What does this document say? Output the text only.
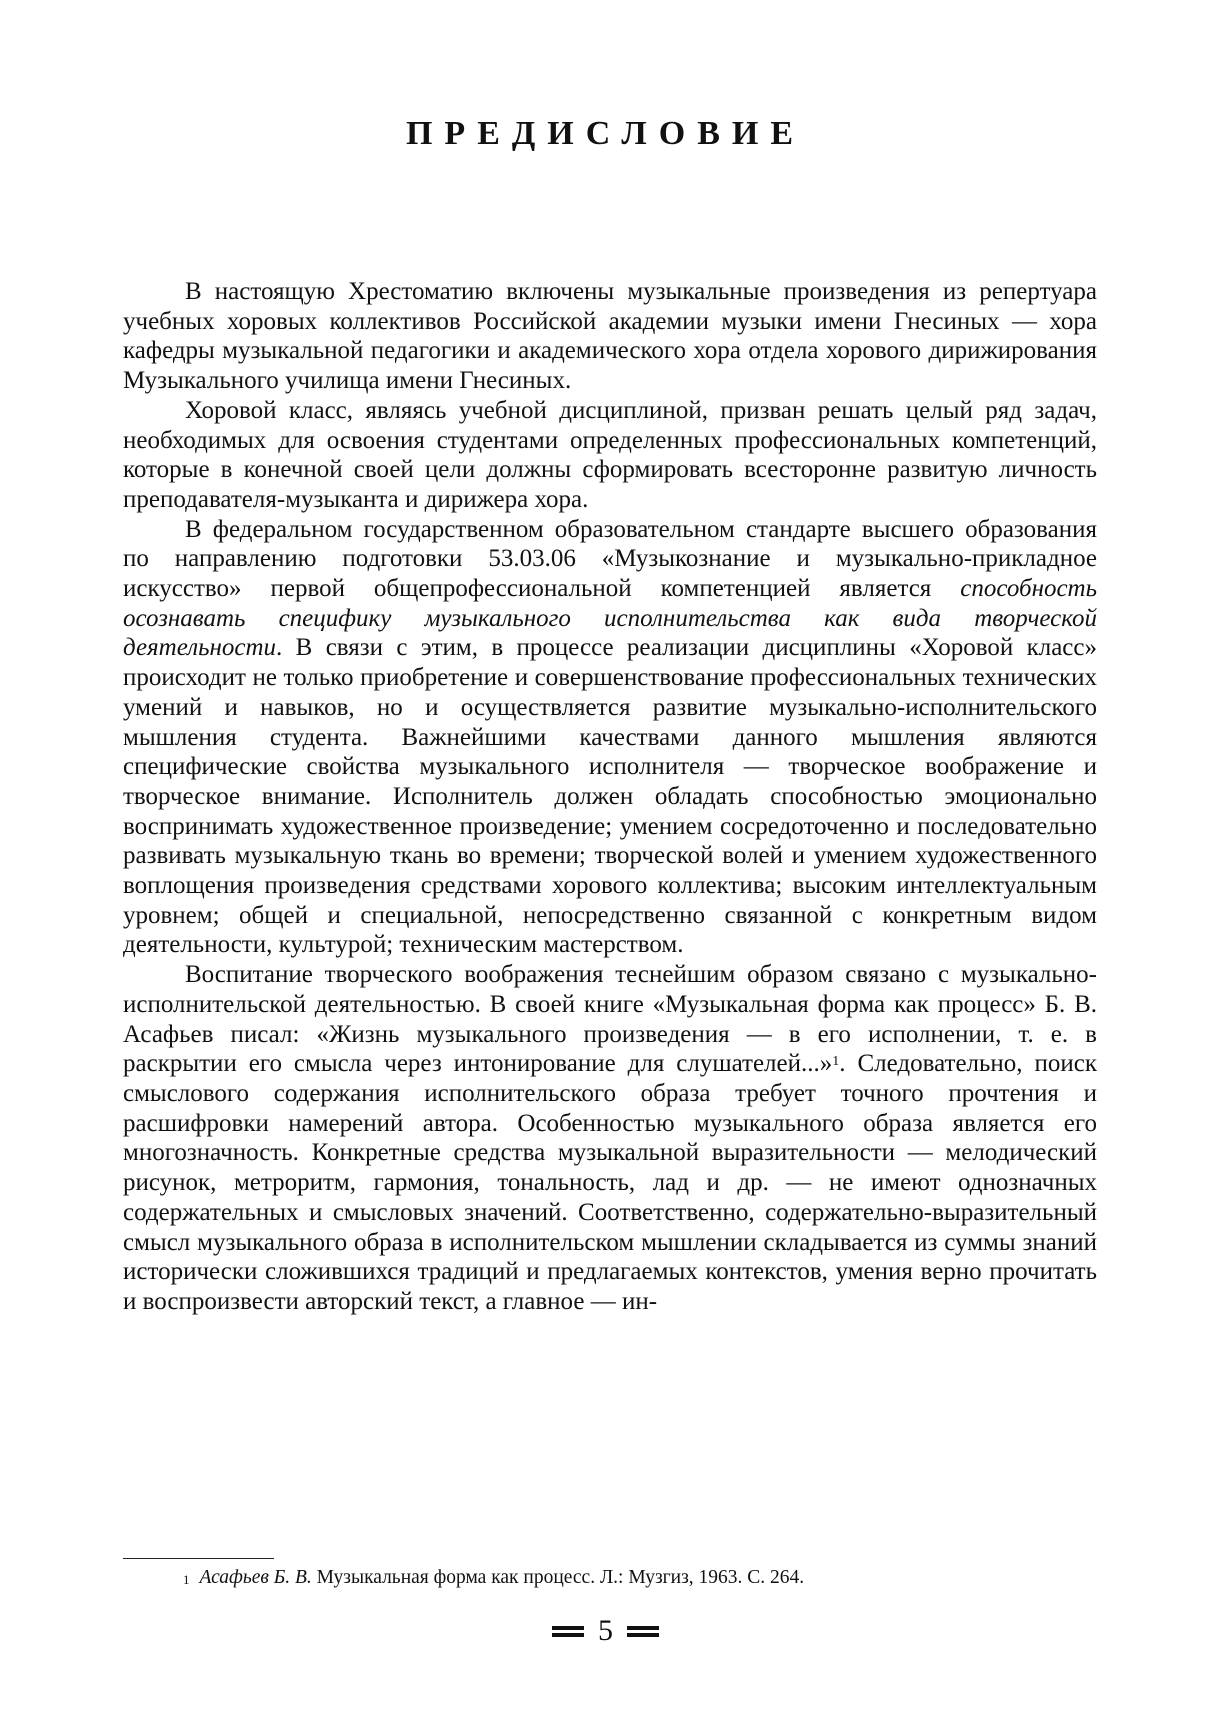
ПРЕДИСЛОВИЕ

В настоящую Хрестоматию включены музыкальные произведения из репертуара учебных хоровых коллективов Российской академии музыки имени Гнесиных — хора кафедры музыкальной педагогики и академического хора отдела хорового дирижирования Музыкального училища имени Гнесиных.

Хоровой класс, являясь учебной дисциплиной, призван решать целый ряд задач, необходимых для освоения студентами определенных профессиональных компетенций, которые в конечной своей цели должны сформировать всесторонне развитую личность преподавателя-музыканта и дирижера хора.

В федеральном государственном образовательном стандарте высшего образования по направлению подготовки 53.03.06 «Музыкознание и музыкально-прикладное искусство» первой общепрофессиональной компетенцией является способность осознавать специфику музыкального исполнительства как вида творческой деятельности. В связи с этим, в процессе реализации дисциплины «Хоровой класс» происходит не только приобретение и совершенствование профессиональных технических умений и навыков, но и осуществляется развитие музыкально-исполнительского мышления студента. Важнейшими качествами данного мышления являются специфические свойства музыкального исполнителя — творческое воображение и творческое внимание. Исполнитель должен обладать способностью эмоционально воспринимать художественное произведение; умением сосредоточенно и последовательно развивать музыкальную ткань во времени; творческой волей и умением художественного воплощения произведения средствами хорового коллектива; высоким интеллектуальным уровнем; общей и специальной, непосредственно связанной с конкретным видом деятельности, культурой; техническим мастерством.

Воспитание творческого воображения теснейшим образом связано с музыкально-исполнительской деятельностью. В своей книге «Музыкальная форма как процесс» Б. В. Асафьев писал: «Жизнь музыкального произведения — в его исполнении, т. е. в раскрытии его смысла через интонирование для слушателей...»$^1$. Следовательно, поиск смыслового содержания исполнительского образа требует точного прочтения и расшифровки намерений автора. Особенностью музыкального образа является его многозначность. Конкретные средства музыкальной выразительности — мелодический рисунок, метроритм, гармония, тональность, лад и др. — не имеют однозначных содержательных и смысловых значений. Соответственно, содержательно-выразительный смысл музыкального образа в исполнительском мышлении складывается из суммы знаний исторически сложившихся традиций и предлагаемых контекстов, умения верно прочитать и воспроизвести авторский текст, а главное — ин-

$^1$ Асафьев Б. В. Музыкальная форма как процесс. Л.: Музгиз, 1963. С. 264.
5
